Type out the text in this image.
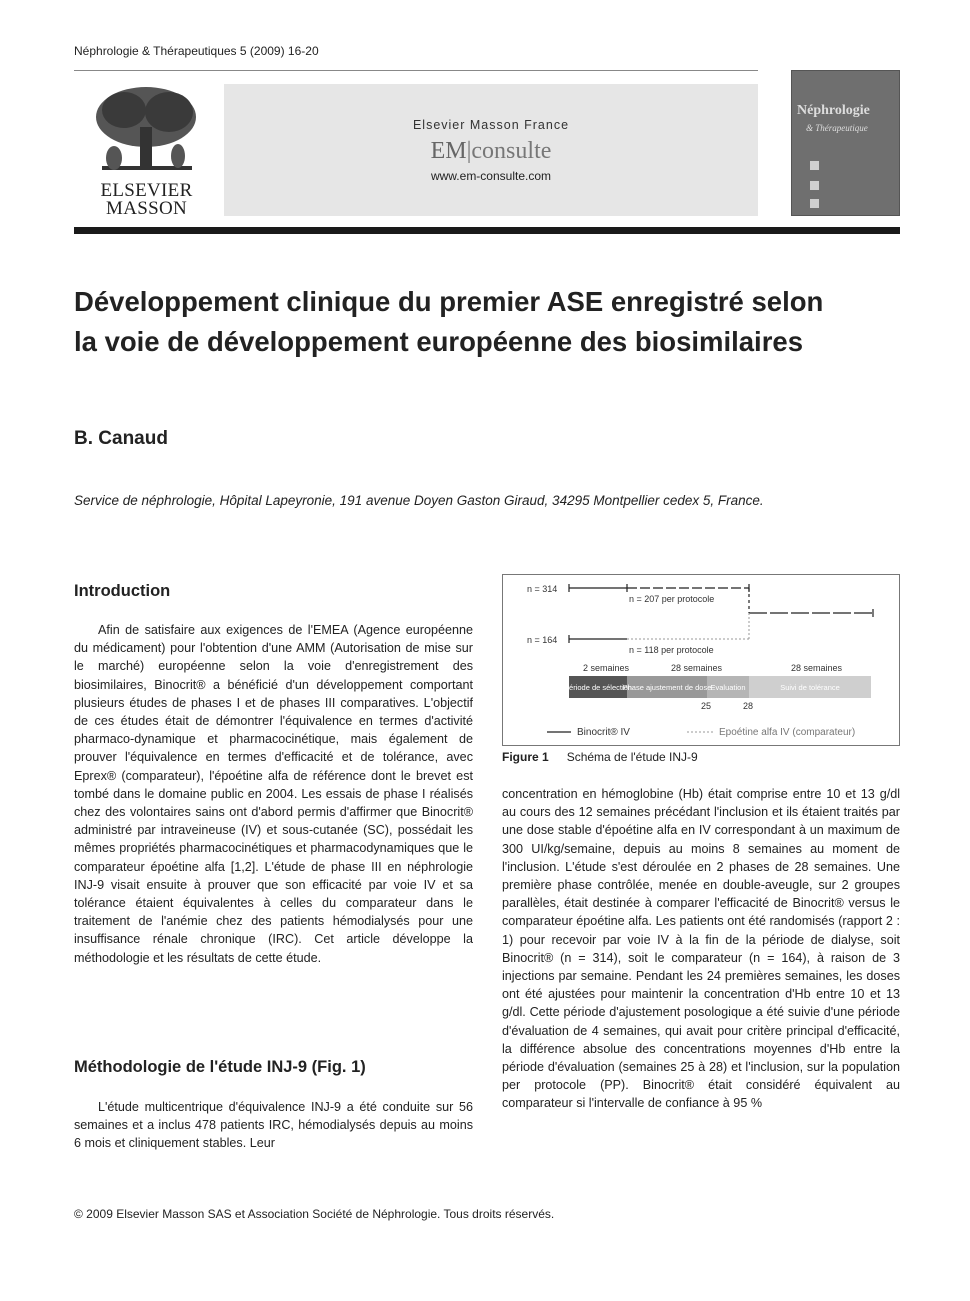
Néphrologie & Thérapeutiques 5 (2009) 16-20
ELSEVIER
MASSON
Elsevier Masson France
EM|consulte
www.em-consulte.com
Néphrologie
& Thérapeutique
Développement clinique du premier ASE enregistré selon la voie de développement européenne des biosimilaires
B. Canaud
Service de néphrologie, Hôpital Lapeyronie, 191 avenue Doyen Gaston Giraud, 34295 Montpellier cedex 5, France.
Introduction

Afin de satisfaire aux exigences de l'EMEA (Agence européenne du médicament) pour l'obtention d'une AMM (Autorisation de mise sur le marché) européenne selon la voie d'enregistrement des biosimilaires, Binocrit® a bénéficié d'un développement comportant plusieurs études de phases I et de phases III comparatives. L'objectif de ces études était de démontrer l'équivalence en termes d'activité pharmaco-dynamique et pharmacocinétique, mais également de prouver l'équivalence en termes d'efficacité et de tolérance, avec Eprex® (comparateur), l'époétine alfa de référence dont le brevet est tombé dans le domaine public en 2004. Les essais de phase I réalisés chez des volontaires sains ont d'abord permis d'affirmer que Binocrit® administré par intraveineuse (IV) et sous-cutanée (SC), possédait les mêmes propriétés pharmacocinétiques et pharmacodynamiques que le comparateur époétine alfa [1,2]. L'étude de phase III en néphrologie INJ-9 visait ensuite à prouver que son efficacité par voie IV et sa tolérance étaient équivalentes à celles du comparateur dans le traitement de l'anémie chez des patients hémodialysés pour une insuffisance rénale chronique (IRC). Cet article développe la méthodologie et les résultats de cette étude.

Méthodologie de l'étude INJ-9 (Fig. 1)

L'étude multicentrique d'équivalence INJ-9 a été conduite sur 56 semaines et a inclus 478 patients IRC, hémodialysés depuis au moins 6 mois et cliniquement stables. Leur

n = 314
n = 164
n = 207 per protocole
n = 118 per protocole
2 semaines	28 semaines	28 semaines
25	28
Période de sélection
Phase ajustement de dose Evaluation	Suivi de tolérance
Binocrit® IV	Epoétine alfa IV (comparateur)
Figure 1 Schéma de l'étude INJ-9

concentration en hémoglobine (Hb) était comprise entre 10 et 13 g/dl au cours des 12 semaines précédant l'inclusion et ils étaient traités par une dose stable d'époétine alfa en IV correspondant à un maximum de 300 UI/kg/semaine, depuis au moins 8 semaines au moment de l'inclusion. L'étude s'est déroulée en 2 phases de 28 semaines. Une première phase contrôlée, menée en double-aveugle, sur 2 groupes parallèles, était destinée à comparer l'efficacité de Binocrit® versus le comparateur époétine alfa. Les patients ont été randomisés (rapport 2 : 1) pour recevoir par voie IV à la fin de la période de dialyse, soit Binocrit® (n = 314), soit le comparateur (n = 164), à raison de 3 injections par semaine. Pendant les 24 premières semaines, les doses ont été ajustées pour maintenir la concentration d'Hb entre 10 et 13 g/dl. Cette période d'ajustement posologique a été suivie d'une période d'évaluation de 4 semaines, qui avait pour critère principal d'efficacité, la différence absolue des concentrations moyennes d'Hb entre la période d'évaluation (semaines 25 à 28) et l'inclusion, sur la population per protocole (PP). Binocrit® était considéré équivalent au comparateur si l'intervalle de confiance à 95 %

© 2009 Elsevier Masson SAS et Association Société de Néphrologie. Tous droits réservés.
